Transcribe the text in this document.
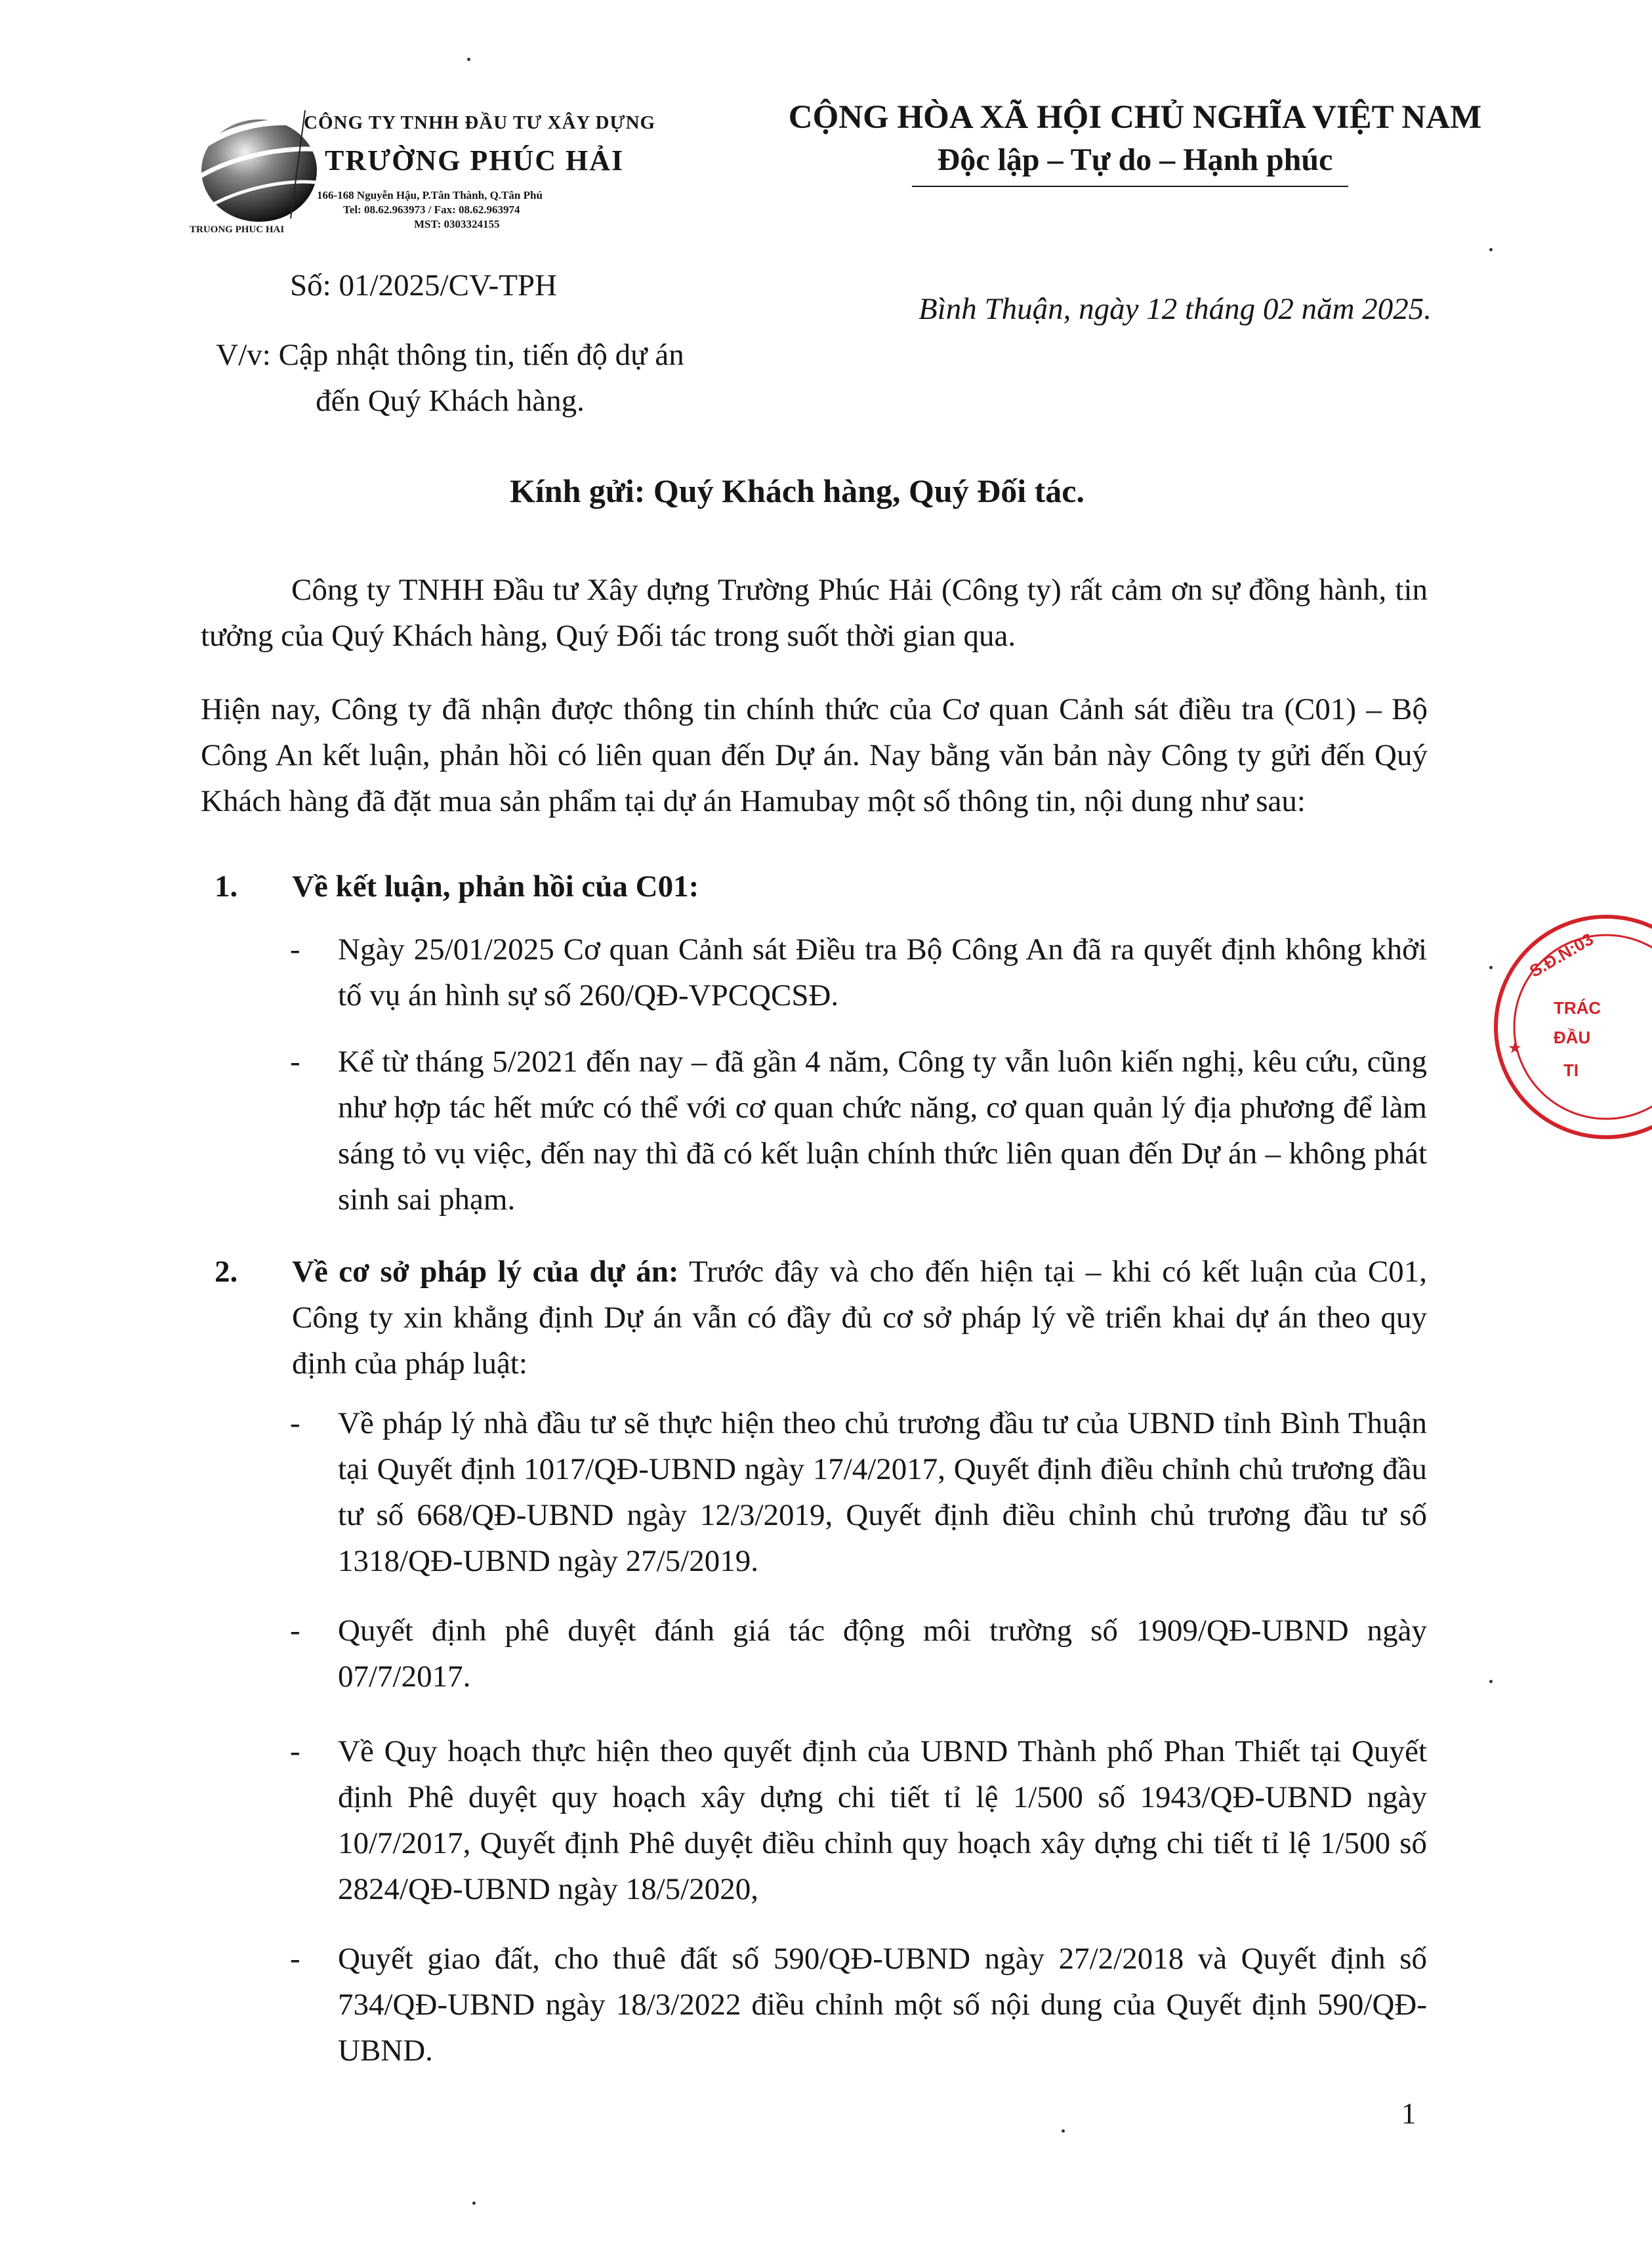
CÔNG TY TNHH ĐẦU TƯ XÂY DỰNG
TRƯỜNG PHÚC HẢI
166-168 Nguyễn Hậu, P.Tân Thành, Q.Tân Phú
Tel: 08.62.963973 / Fax: 08.62.963974
MST: 0303324155
TRUONG PHUC HAI
CỘNG HÒA XÃ HỘI CHỦ NGHĨA VIỆT NAM
Độc lập – Tự do – Hạnh phúc
Số: 01/2025/CV-TPH
Bình Thuận, ngày 12 tháng 02 năm 2025.
V/v: Cập nhật thông tin, tiến độ dự án đến Quý Khách hàng.
Kính gửi: Quý Khách hàng, Quý Đối tác.
Công ty TNHH Đầu tư Xây dựng Trường Phúc Hải (Công ty) rất cảm ơn sự đồng hành, tin tưởng của Quý Khách hàng, Quý Đối tác trong suốt thời gian qua.
Hiện nay, Công ty đã nhận được thông tin chính thức của Cơ quan Cảnh sát điều tra (C01) – Bộ Công An kết luận, phản hồi có liên quan đến Dự án. Nay bằng văn bản này Công ty gửi đến Quý Khách hàng đã đặt mua sản phẩm tại dự án Hamubay một số thông tin, nội dung như sau:
1. Về kết luận, phản hồi của C01:
- Ngày 25/01/2025 Cơ quan Cảnh sát Điều tra Bộ Công An đã ra quyết định không khởi tố vụ án hình sự số 260/QĐ-VPCQCSĐ.
- Kể từ tháng 5/2021 đến nay – đã gần 4 năm, Công ty vẫn luôn kiến nghị, kêu cứu, cũng như hợp tác hết mức có thể với cơ quan chức năng, cơ quan quản lý địa phương để làm sáng tỏ vụ việc, đến nay thì đã có kết luận chính thức liên quan đến Dự án – không phát sinh sai phạm.
2. Về cơ sở pháp lý của dự án: Trước đây và cho đến hiện tại – khi có kết luận của C01, Công ty xin khẳng định Dự án vẫn có đầy đủ cơ sở pháp lý về triển khai dự án theo quy định của pháp luật:
- Về pháp lý nhà đầu tư sẽ thực hiện theo chủ trương đầu tư của UBND tỉnh Bình Thuận tại Quyết định 1017/QĐ-UBND ngày 17/4/2017, Quyết định điều chỉnh chủ trương đầu tư số 668/QĐ-UBND ngày 12/3/2019, Quyết định điều chỉnh chủ trương đầu tư số 1318/QĐ-UBND ngày 27/5/2019.
- Quyết định phê duyệt đánh giá tác động môi trường số 1909/QĐ-UBND ngày 07/7/2017.
- Về Quy hoạch thực hiện theo quyết định của UBND Thành phố Phan Thiết tại Quyết định Phê duyệt quy hoạch xây dựng chi tiết tỉ lệ 1/500 số 1943/QĐ-UBND ngày 10/7/2017, Quyết định Phê duyệt điều chỉnh quy hoạch xây dựng chi tiết tỉ lệ 1/500 số 2824/QĐ-UBND ngày 18/5/2020,
- Quyết giao đất, cho thuê đất số 590/QĐ-UBND ngày 27/2/2018 và Quyết định số 734/QĐ-UBND ngày 18/3/2022 điều chỉnh một số nội dung của Quyết định 590/QĐ-UBND.
1
S.Đ.N:03
TRÁC
ĐẦU
TI
★
